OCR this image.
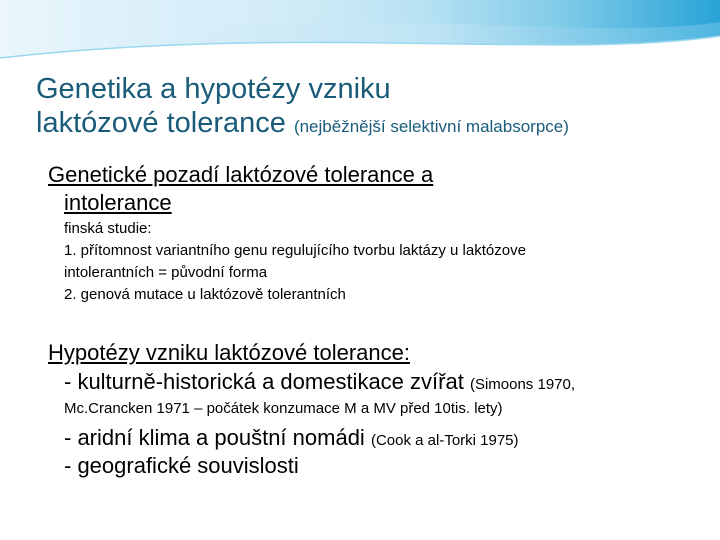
Genetika a hypotézy vzniku
laktózové tolerance (nejběžnější selektivní malabsorpce)
Genetické pozadí laktózové tolerance a
intolerance
finská studie:
1. přítomnost variantního genu regulujícího tvorbu laktázy u laktózove
intolerantních = původní forma
2. genová mutace u laktózově tolerantních
Hypotézy vzniku laktózové tolerance:
- kulturně-historická a domestikace zvířat (Simoons 1970,
Mc.Crancken 1971 – počátek konzumace M a MV před 10tis. lety)
- aridní klima a pouštní nomádi (Cook a al-Torki 1975)
- geografické souvislosti
